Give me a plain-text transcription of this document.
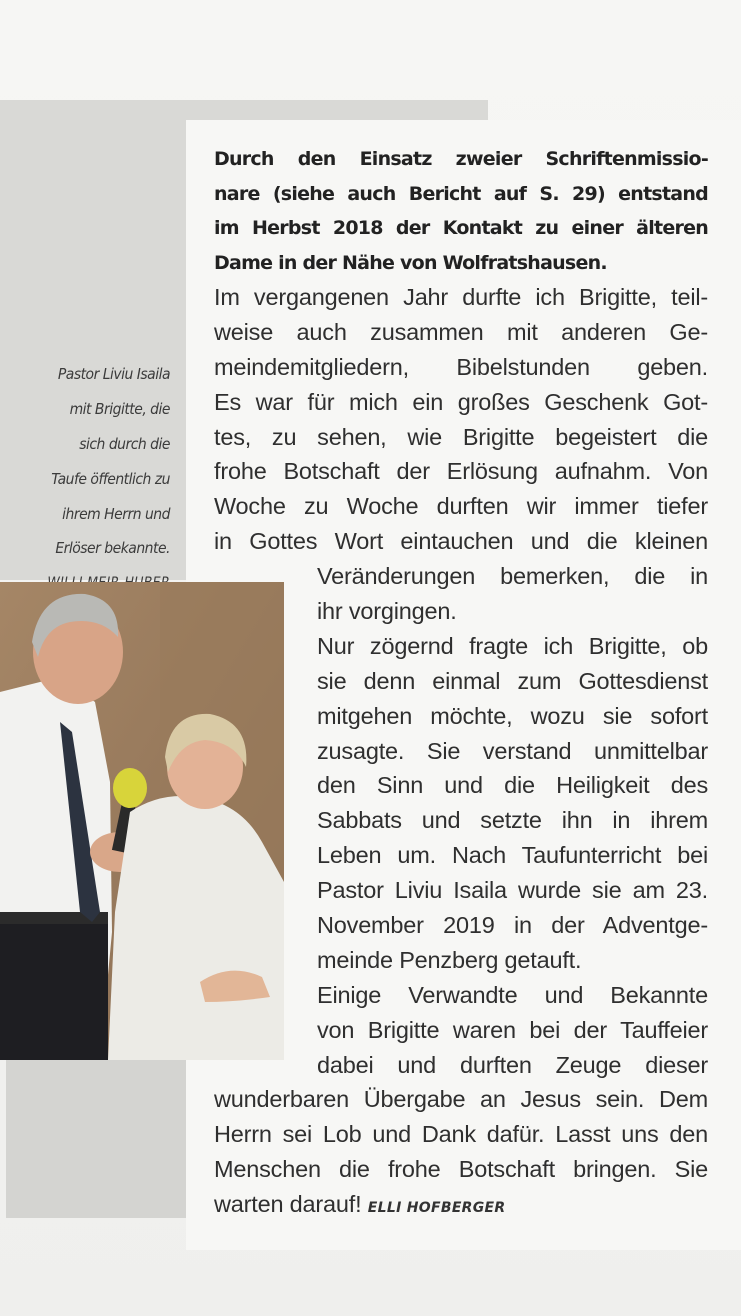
Pastor Liviu Isaila
mit Brigitte, die
sich durch die
Taufe öffentlich zu
ihrem Herrn und
Erlöser bekannte.
Durch den Einsatz zweier Schriftenmissio-
nare (siehe auch Bericht auf S. 29) entstand
im Herbst 2018 der Kontakt zu einer älteren
Dame in der Nähe von Wolfratshausen.
Im vergangenen Jahr durfte ich Brigitte, teil-
weise auch zusammen mit anderen Ge-
meindemitgliedern, Bibelstunden geben.
Es war für mich ein großes Geschenk Got-
tes, zu sehen, wie Brigitte begeistert die
frohe Botschaft der Erlösung aufnahm. Von
Woche zu Woche durften wir immer tiefer
in Gottes Wort eintauchen und die kleinen
Veränderungen bemerken, die in
ihr vorgingen.
Nur zögernd fragte ich Brigitte, ob
sie denn einmal zum Gottesdienst
mitgehen möchte, wozu sie sofort
zusagte. Sie verstand unmittelbar
den Sinn und die Heiligkeit des
Sabbats und setzte ihn in ihrem
Leben um. Nach Taufunterricht bei
Pastor Liviu Isaila wurde sie am 23.
November 2019 in der Adventge-
meinde Penzberg getauft.
Einige Verwandte und Bekannte
von Brigitte waren bei der Tauffeier
dabei und durften Zeuge dieser
wunderbaren Übergabe an Jesus sein. Dem
Herrn sei Lob und Dank dafür. Lasst uns den
Menschen die frohe Botschaft bringen. Sie
warten darauf! ELLI HOFBERGER
